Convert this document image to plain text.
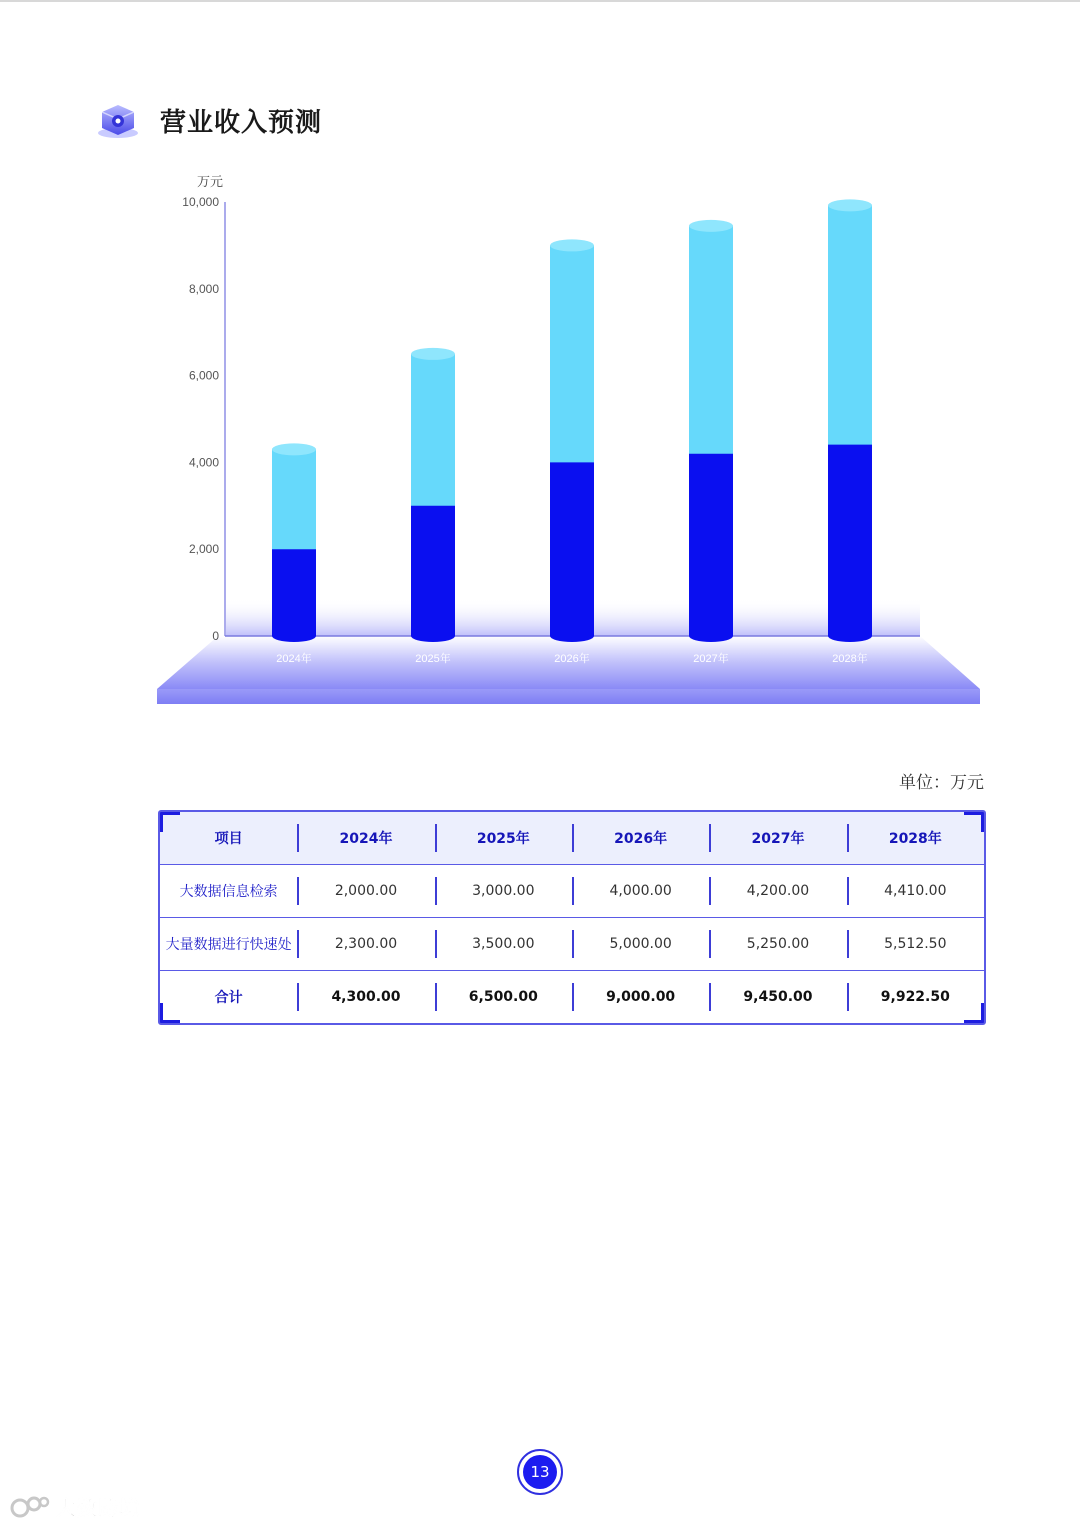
营业收入预测
0
2,000
4,000
6,000
8,000
10,000
万元
2024年	2025年	2026年	2027年	2028年
单位：万元
项目	2024年	2025年	2026年	2027年	2028年
大数据信息检索	2,000.00	3,000.00	4,000.00	4,200.00	4,410.00
大量数据进行快速处	2,300.00	3,500.00	5,000.00	5,250.00	5,512.50
合计	4,300.00	6,500.00	9,000.00	9,450.00	9,922.50
13
大数跨境
